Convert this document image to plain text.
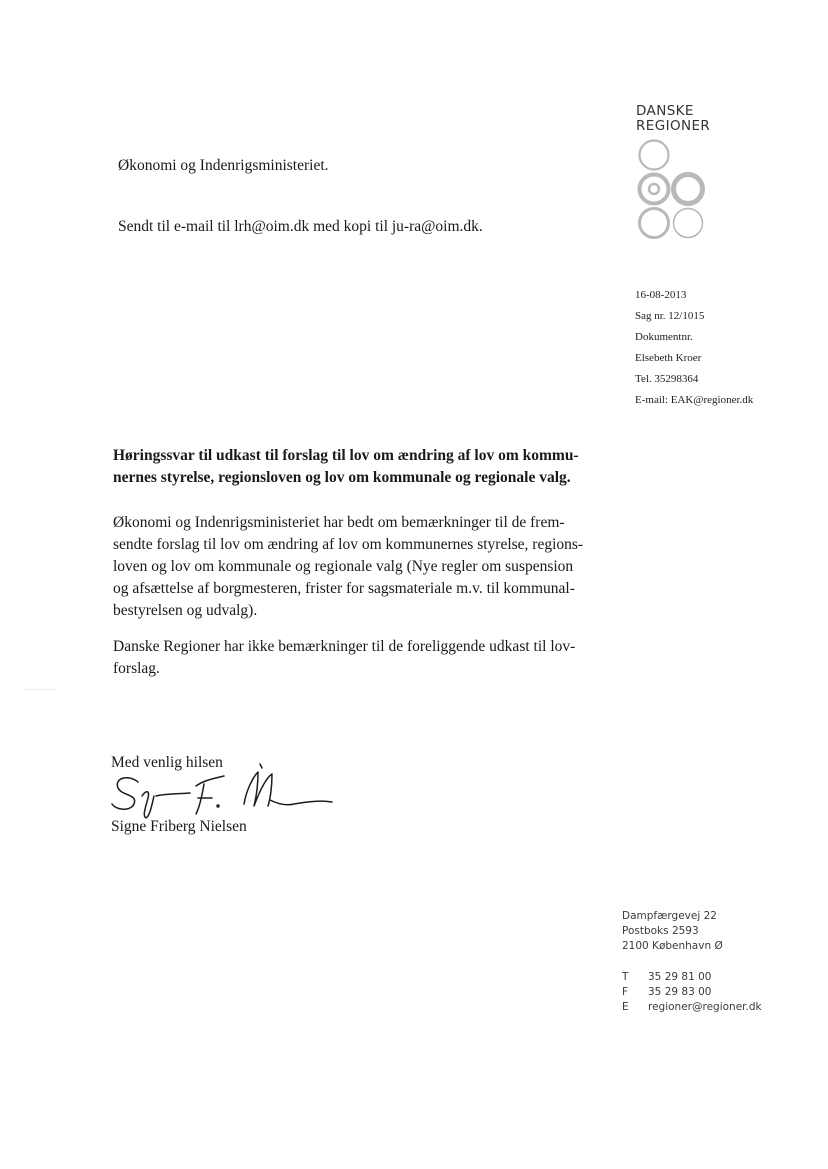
DANSKE
REGIONER
Økonomi og Indenrigsministeriet.
Sendt til e-mail til lrh@oim.dk med kopi til ju-ra@oim.dk.
16-08-2013
Sag nr. 12/1015
Dokumentnr.
Elsebeth Kroer
Tel. 35298364
E-mail: EAK@regioner.dk
Høringssvar til udkast til forslag til lov om ændring af lov om kommu-
nernes styrelse, regionsloven og lov om kommunale og regionale valg.
Økonomi og Indenrigsministeriet har bedt om bemærkninger til de frem-
sendte forslag til lov om ændring af lov om kommunernes styrelse, regions-
loven og lov om kommunale og regionale valg (Nye regler om suspension
og afsættelse af borgmesteren, frister for sagsmateriale m.v. til kommunal-
bestyrelsen og udvalg).
Danske Regioner har ikke bemærkninger til de foreliggende udkast til lov-
forslag.
Med venlig hilsen
Signe Friberg Nielsen
Dampfærgevej 22
Postboks 2593
2100 København Ø
T 35 29 81 00
F 35 29 83 00
E regioner@regioner.dk
